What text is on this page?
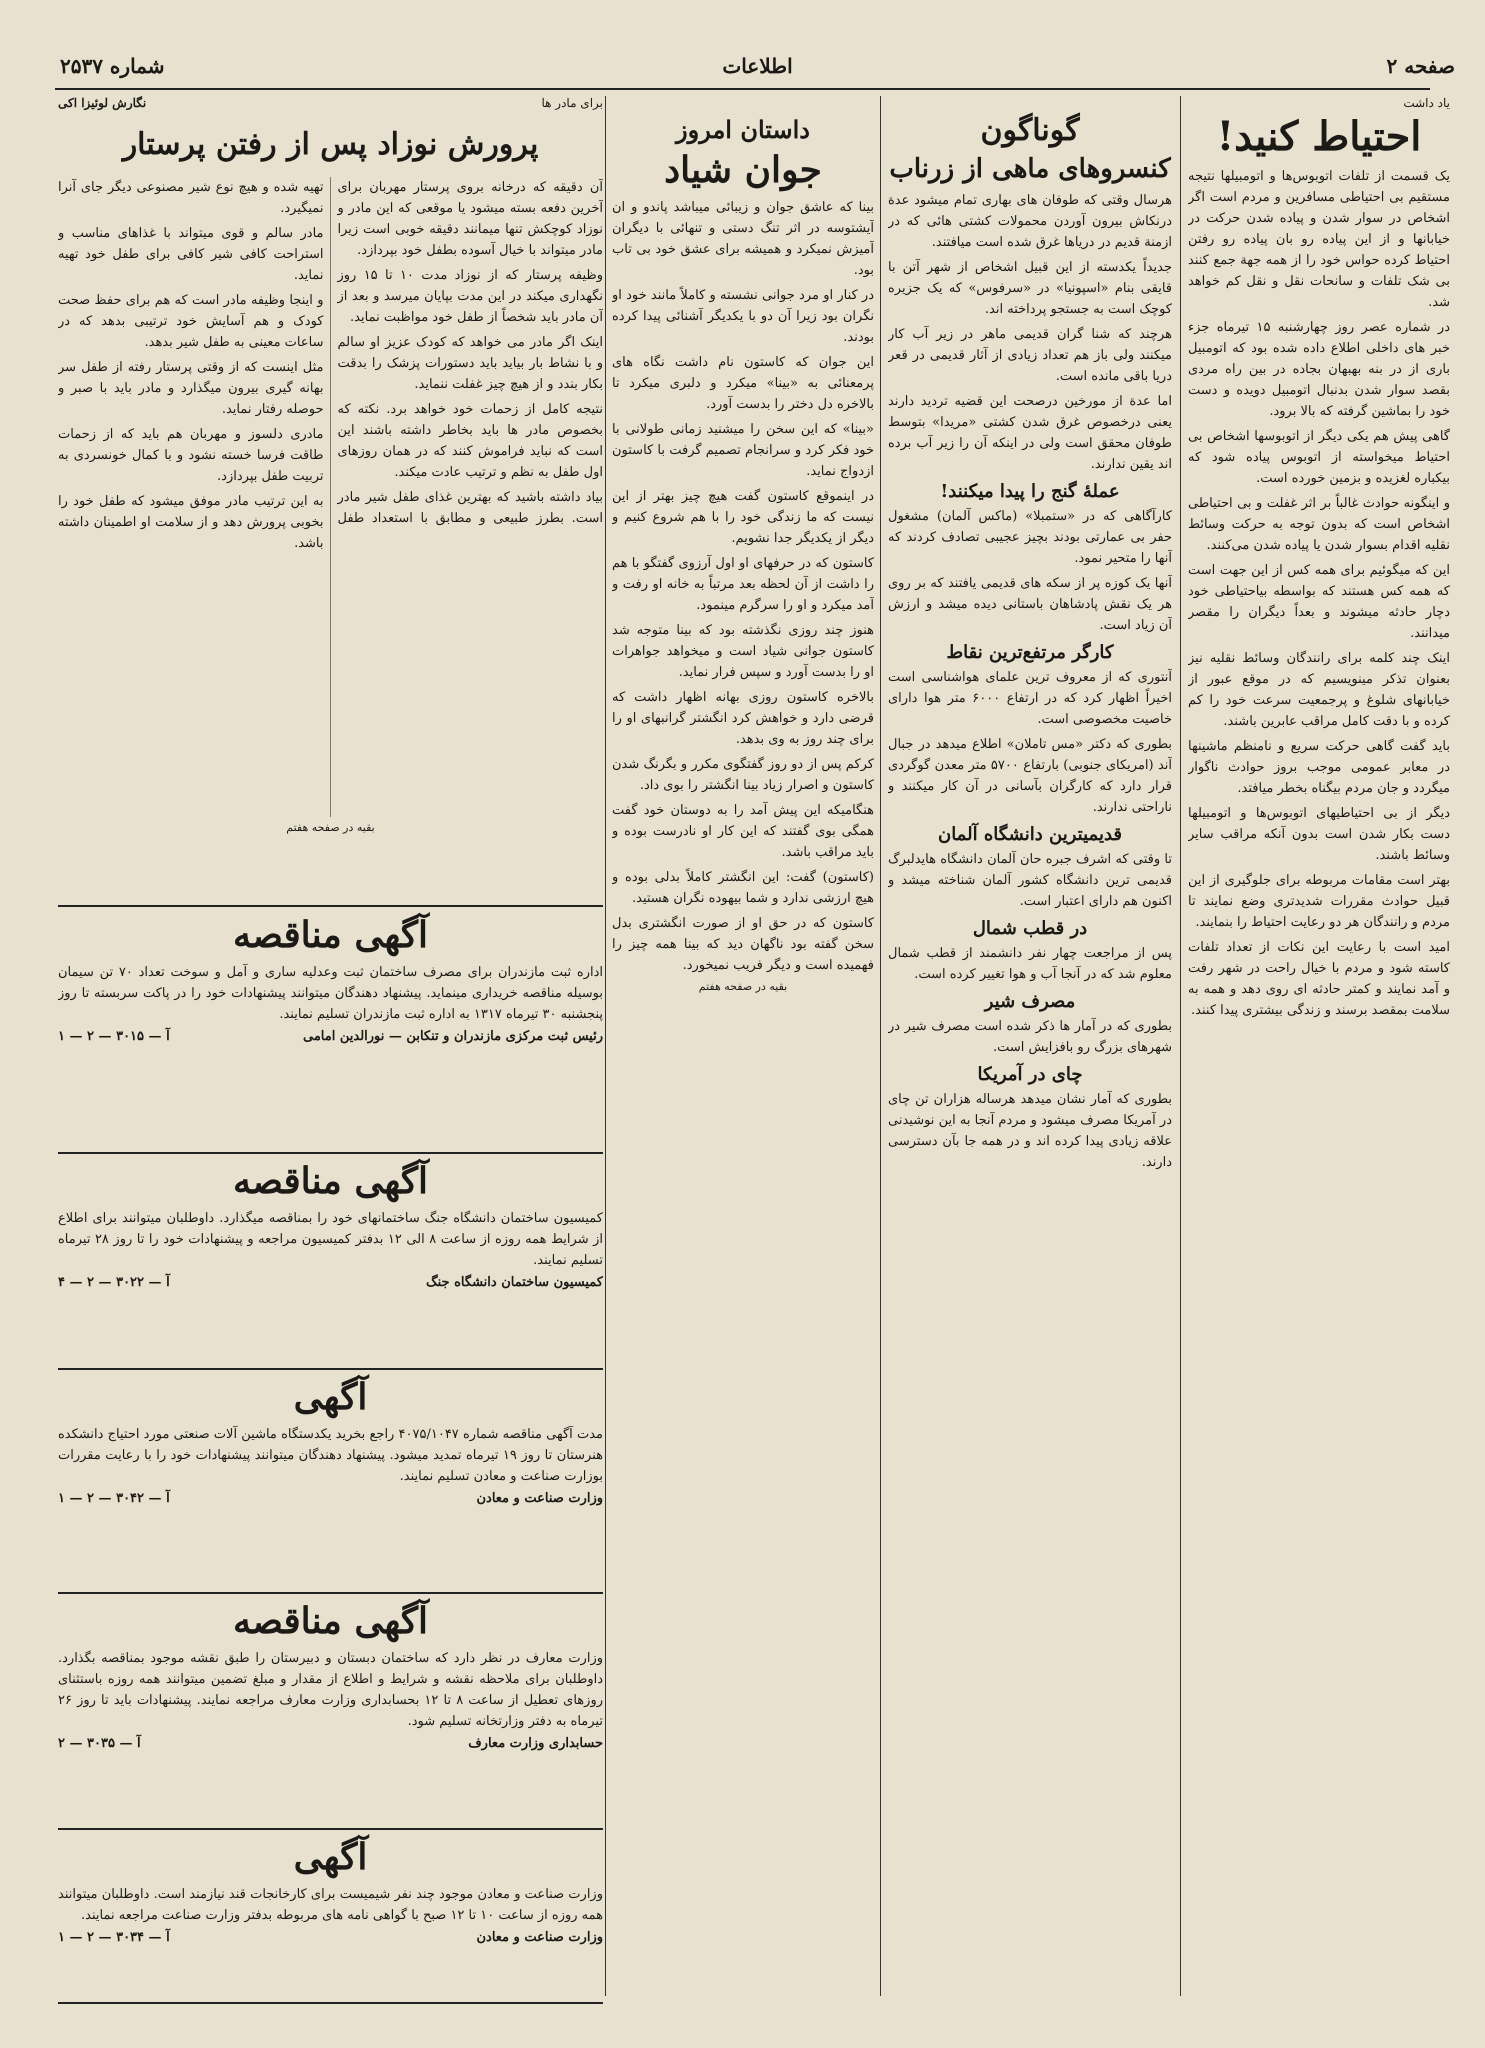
صفحه ۲
اطلاعات
شماره ۲۵۳۷

یاد داشت

احتیاط کنید!

یک قسمت از تلفات اتوبوس‌ها و اتومبیلها نتیجه مستقیم بی احتیاطی مسافرین و مردم است اگر اشخاص در سوار شدن و پیاده شدن حرکت در خیابانها و از این پیاده رو بان پیاده رو رفتن احتیاط کرده حواس خود را از همه جهة جمع کنند بی شک تلفات و سانحات نقل و نقل کم خواهد شد.

در شماره عصر روز چهارشنبه ۱۵ تیرماه جزء خبر های داخلی اطلاع داده شده بود که اتومبیل باری از در بنه بهبهان بجاده در بین راه مردی بقصد سوار شدن بدنبال اتومبیل دویده و دست خود را بماشین گرفته که بالا برود.

گاهی پیش هم یکی دیگر از اتوبوسها اشخاص بی احتیاط میخواسته از اتوبوس پیاده شود که بیکباره لغزیده و بزمین خورده است.

و اینگونه حوادث غالباً بر اثر غفلت و بی احتیاطی اشخاص است که بدون توجه به حرکت وسائط نقلیه اقدام بسوار شدن یا پیاده شدن می‌کنند.

این که میگوئیم برای همه کس از این جهت است که همه کس هستند که بواسطه بیاحتیاطی خود دچار حادثه میشوند و بعداً دیگران را مقصر میدانند.

اینک چند کلمه برای رانندگان وسائط نقلیه نیز بعنوان تذکر مینویسیم که در موقع عبور از خیابانهای شلوغ و پرجمعیت سرعت خود را کم کرده و با دقت کامل مراقب عابرین باشند.

باید گفت گاهی حرکت سریع و نامنظم ماشینها در معابر عمومی موجب بروز حوادث ناگوار میگردد و جان مردم بیگناه بخطر میافتد.

دیگر از بی احتیاطیهای اتوبوس‌ها و اتومبیلها دست بکار شدن است بدون آنکه مراقب سایر وسائط باشند.

بهتر است مقامات مربوطه برای جلوگیری از این قبیل حوادث مقررات شدیدتری وضع نمایند تا مردم و رانندگان هر دو رعایت احتیاط را بنمایند.

امید است با رعایت این نکات از تعداد تلفات کاسته شود و مردم با خیال راحت در شهر رفت و آمد نمایند و کمتر حادثه ای روی دهد و همه به سلامت بمقصد برسند و زندگی بیشتری پیدا کنند.

گوناگون
کنسروهای ماهی از زرناب

هرسال وقتی که طوفان های بهاری تمام میشود عدة درنکاش بیرون آوردن محمولات کشتی هائی که در ازمنة قدیم در دریاها غرق شده است میافتند.

جدیداً یکدسته از این قبیل اشخاص از شهر آتن با قایقی بنام «اسپونیا» در «سرفوس» که یک جزیره کوچک است به جستجو پرداخته اند.

هرچند که شنا گران قدیمی ماهر در زیر آب کار میکنند ولی باز هم تعداد زیادی از آثار قدیمی در قعر دریا باقی مانده است.

اما عدة از مورخین درصحت این قضیه تردید دارند یعنی درخصوص غرق شدن کشتی «مریدا» بتوسط طوفان محقق است ولی در اینکه آن را زیر آب برده اند یقین ندارند.

عملهٔ گنج را پیدا میکنند!

کارآگاهی که در «ستمبلا» (ماکس آلمان) مشغول حفر بی عمارتی بودند بچیز عجیبی تصادف کردند که آنها را متحیر نمود.

آنها یک کوزه پر از سکه های قدیمی یافتند که بر روی هر یک نقش پادشاهان باستانی دیده میشد و ارزش آن زیاد است.

کارگر مرتفع‌ترین نقاط

آنتوری که از معروف ترین علمای هواشناسی است اخیراً اظهار کرد که در ارتفاع ۶۰۰۰ متر هوا دارای خاصیت مخصوصی است.

بطوری که دکتر «مس تاملان» اطلاع میدهد در جبال آند (امریکای جنوبی) بارتفاع ۵۷۰۰ متر معدن گوگردی قرار دارد که کارگران بآسانی در آن کار میکنند و ناراحتی ندارند.

قدیمیترین دانشگاه آلمان

تا وقتی که اشرف جبره حان آلمان دانشگاه هایدلبرگ قدیمی ترین دانشگاه کشور آلمان شناخته میشد و اکنون هم دارای اعتبار است.

در قطب شمال

پس از مراجعت چهار نفر دانشمند از قطب شمال معلوم شد که در آنجا آب و هوا تغییر کرده است.

مصرف شیر

بطوری که در آمار ها ذکر شده است مصرف شیر در شهرهای بزرگ رو بافزایش است.

چای در آمریکا

بطوری که آمار نشان میدهد هرساله هزاران تن چای در آمریکا مصرف میشود و مردم آنجا به این نوشیدنی علاقه زیادی پیدا کرده اند و در همه جا بآن دسترسی دارند.

داستان امروز
جوان شیاد

بینا که عاشق جوان و زیبائی میباشد پاندو و ان آیشتوسه در اثر تنگ دستی و تنهائی با دیگران آمیزش نمیکرد و همیشه برای عشق خود بی تاب بود.

در کنار او مرد جوانی نشسته و کاملاً مانند خود او نگران بود زیرا آن دو با یکدیگر آشنائی پیدا کرده بودند.

این جوان که کاستون نام داشت نگاه های پرمعنائی به «بینا» میکرد و دلبری میکرد تا بالاخره دل دختر را بدست آورد.

«بینا» که این سخن را میشنید زمانی طولانی با خود فکر کرد و سرانجام تصمیم گرفت با کاستون ازدواج نماید.

در اینموقع کاستون گفت هیچ چیز بهتر از این نیست که ما زندگی خود را با هم شروع کنیم و دیگر از یکدیگر جدا نشویم.

کاستون که در حرفهای او اول آرزوی گفتگو با هم را داشت از آن لحظه بعد مرتباً به خانه او رفت و آمد میکرد و او را سرگرم مینمود.

هنوز چند روزی نگذشته بود که بینا متوجه شد کاستون جوانی شیاد است و میخواهد جواهرات او را بدست آورد و سپس فرار نماید.

بالاخره کاستون روزی بهانه اظهار داشت که قرضی دارد و خواهش کرد انگشتر گرانبهای او را برای چند روز به وی بدهد.

کرکم پس از دو روز گفتگوی مکرر و بگرنگ شدن کاستون و اصرار زیاد بینا انگشتر را بوی داد.

هنگامیکه این پیش آمد را به دوستان خود گفت همگی بوی گفتند که این کار او نادرست بوده و باید مراقب باشد.

(کاستون) گفت: این انگشتر کاملاً بدلی بوده و هیچ ارزشی ندارد و شما بیهوده نگران هستید.

کاستون که در حق او از صورت انگشتری بدل سخن گفته بود ناگهان دید که بینا همه چیز را فهمیده است و دیگر فریب نمیخورد.

بقیه در صفحه هفتم
برای مادر ها
نگارش لوئیزا اکی
پرورش نوزاد پس از رفتن پرستار

آن دقیقه که درخانه بروی پرستار مهربان برای آخرین دفعه بسته میشود یا موقعی که این مادر و نوزاد کوچکش تنها میمانند دقیقه خوبی است زیرا مادر میتواند با خیال آسوده بطفل خود بپردازد.

وظیفه پرستار که از نوزاد مدت ۱۰ تا ۱۵ روز نگهداری میکند در این مدت بپایان میرسد و بعد از آن مادر باید شخصاً از طفل خود مواظبت نماید.

اینک اگر مادر می خواهد که کودک عزیز او سالم و با نشاط بار بیاید باید دستورات پزشک را بدقت بکار بندد و از هیچ چیز غفلت ننماید.

نتیجه کامل از زحمات خود خواهد برد. نکته که بخصوص مادر ها باید بخاطر داشته باشند این است که نباید فراموش کنند که در همان روزهای اول طفل به نظم و ترتیب عادت میکند.

بیاد داشته باشید که بهترین غذای طفل شیر مادر است. بطرز طبیعی و مطابق با استعداد طفل تهیه شده و هیچ نوع شیر مصنوعی دیگر جای آنرا نمیگیرد.

مادر سالم و قوی میتواند با غذاهای مناسب و استراحت کافی شیر کافی برای طفل خود تهیه نماید.

و اینجا وظیفه مادر است که هم برای حفظ صحت کودک و هم آسایش خود ترتیبی بدهد که در ساعات معینی به طفل شیر بدهد.

مثل اینست که از وقتی پرستار رفته از طفل سر بهانه گیری بیرون میگذارد و مادر باید با صبر و حوصله رفتار نماید.

مادری دلسوز و مهربان هم باید که از زحمات طاقت فرسا خسته نشود و با کمال خونسردی به تربیت طفل بپردازد.

به این ترتیب مادر موفق میشود که طفل خود را بخوبی پرورش دهد و از سلامت او اطمینان داشته باشد.

بقیه در صفحه هفتم
آگهی مناقصه

اداره ثبت مازندران برای مصرف ساختمان ثبت وعدلیه ساری و آمل و سوخت تعداد ۷۰ تن سیمان بوسیله مناقصه خریداری مینماید. پیشنهاد دهندگان میتوانند پیشنهادات خود را در پاکت سربسته تا روز پنجشنبه ۳۰ تیرماه ۱۳۱۷ به اداره ثبت مازندران تسلیم نمایند.

رئیس ثبت مرکزی مازندران و تنکابن — نورالدین امامی
آ — ۳۰۱۵ — ۲ — ۱
آگهی مناقصه

کمیسیون ساختمان دانشگاه جنگ ساختمانهای خود را بمناقصه میگذارد. داوطلبان میتوانند برای اطلاع از شرایط همه روزه از ساعت ۸ الی ۱۲ بدفتر کمیسیون مراجعه و پیشنهادات خود را تا روز ۲۸ تیرماه تسلیم نمایند.

کمیسیون ساختمان دانشگاه جنگ
آ — ۳۰۲۲ — ۲ — ۴
آگهی

مدت آگهی مناقصه شماره ۴۰۷۵/۱۰۴۷ راجع بخرید یکدستگاه ماشین آلات صنعتی مورد احتیاج دانشکده هنرستان تا روز ۱۹ تیرماه تمدید میشود. پیشنهاد دهندگان میتوانند پیشنهادات خود را با رعایت مقررات بوزارت صناعت و معادن تسلیم نمایند.

وزارت صناعت و معادن
آ — ۳۰۴۲ — ۲ — ۱
آگهی مناقصه

وزارت معارف در نظر دارد که ساختمان دبستان و دبیرستان را طبق نقشه موجود بمناقصه بگذارد. داوطلبان برای ملاحظه نقشه و شرایط و اطلاع از مقدار و مبلغ تضمین میتوانند همه روزه باستثنای روزهای تعطیل از ساعت ۸ تا ۱۲ بحسابداری وزارت معارف مراجعه نمایند. پیشنهادات باید تا روز ۲۶ تیرماه به دفتر وزارتخانه تسلیم شود.

حسابداری وزارت معارف
آ — ۳۰۳۵ — ۲
آگهی

وزارت صناعت و معادن موجود چند نفر شیمیست برای کارخانجات قند نیازمند است. داوطلبان میتوانند همه روزه از ساعت ۱۰ تا ۱۲ صبح با گواهی نامه های مربوطه بدفتر وزارت صناعت مراجعه نمایند.

وزارت صناعت و معادن
آ — ۳۰۳۴ — ۲ — ۱
